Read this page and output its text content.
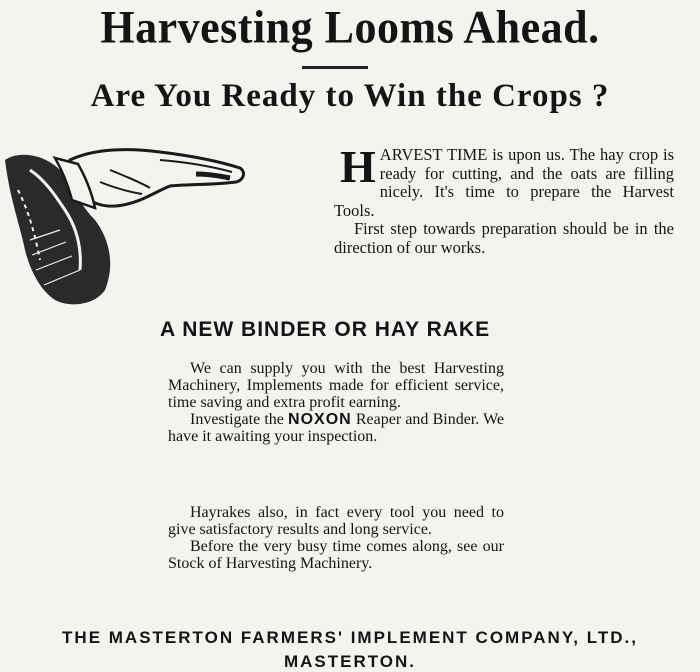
Harvesting Looms Ahead.
Are You Ready to Win the Crops ?
H ARVEST TIME is upon us. The hay crop is ready for cutting, and the oats are filling nicely. It's time to prepare the Harvest Tools.
First step towards preparation should be in the direction of our works.
A NEW BINDER OR HAY RAKE

We can supply you with the best Harvesting Machinery, Implements made for efficient service, time saving and extra profit earning.

Investigate the NOXON Reaper and Binder. We have it awaiting your inspection.

Hayrakes also, in fact every tool you need to give satisfactory results and long service.

Before the very busy time comes along, see our Stock of Harvesting Machinery.

THE MASTERTON FARMERS' IMPLEMENT COMPANY, LTD.,
MASTERTON.
